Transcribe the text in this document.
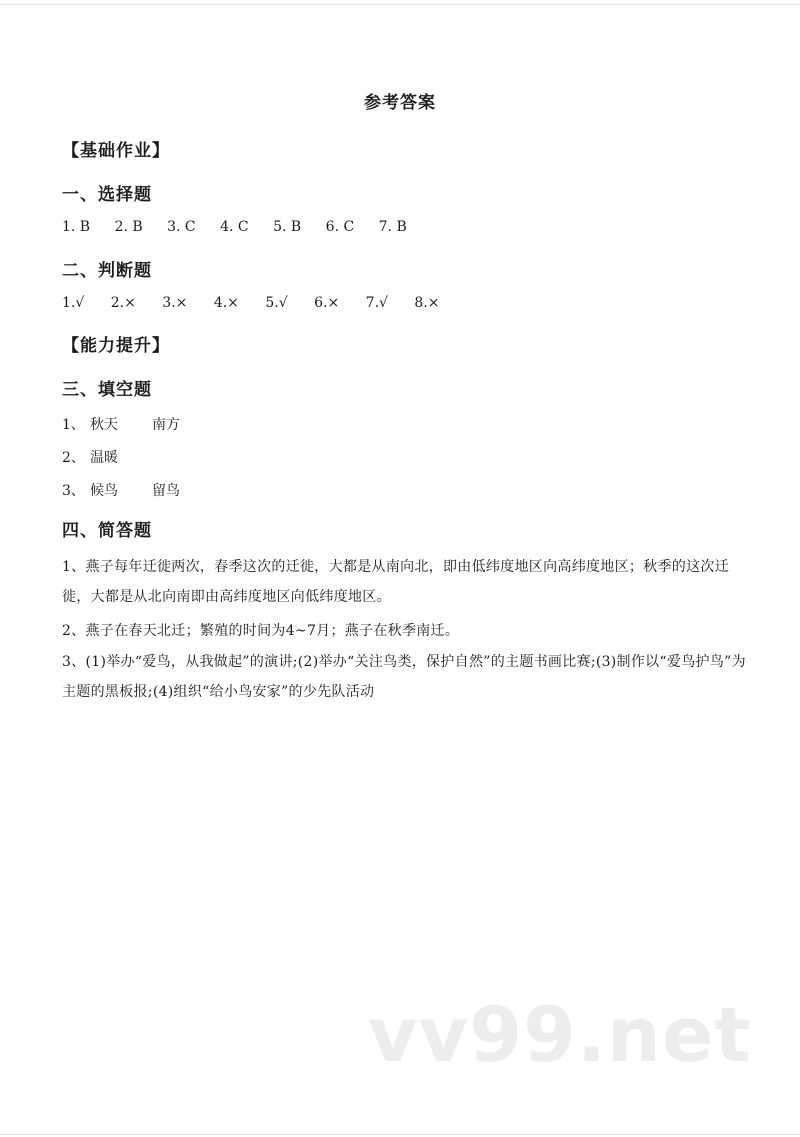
参考答案
【基础作业】
一、选择题
1. B 2. B 3. C 4. C 5. B 6. C 7. B
二、判断题
1.√ 2.× 3.× 4.× 5.√ 6.× 7.√ 8.×
【能力提升】
三、填空题
1、 秋天 南方
2、 温暖
3、 候鸟 留鸟
四、简答题
1、燕子每年迁徙两次，春季这次的迁徙，大都是从南向北，即由低纬度地区向高纬度地区；秋季的这次迁徙，大都是从北向南即由高纬度地区向低纬度地区。
2、燕子在春天北迁；繁殖的时间为4~7月；燕子在秋季南迁。
3、(1)举办“爱鸟，从我做起”的演讲;(2)举办“关注鸟类，保护自然”的主题书画比赛;(3)制作以“爱鸟护鸟”为主题的黑板报;(4)组织“给小鸟安家”的少先队活动
vv99.net
